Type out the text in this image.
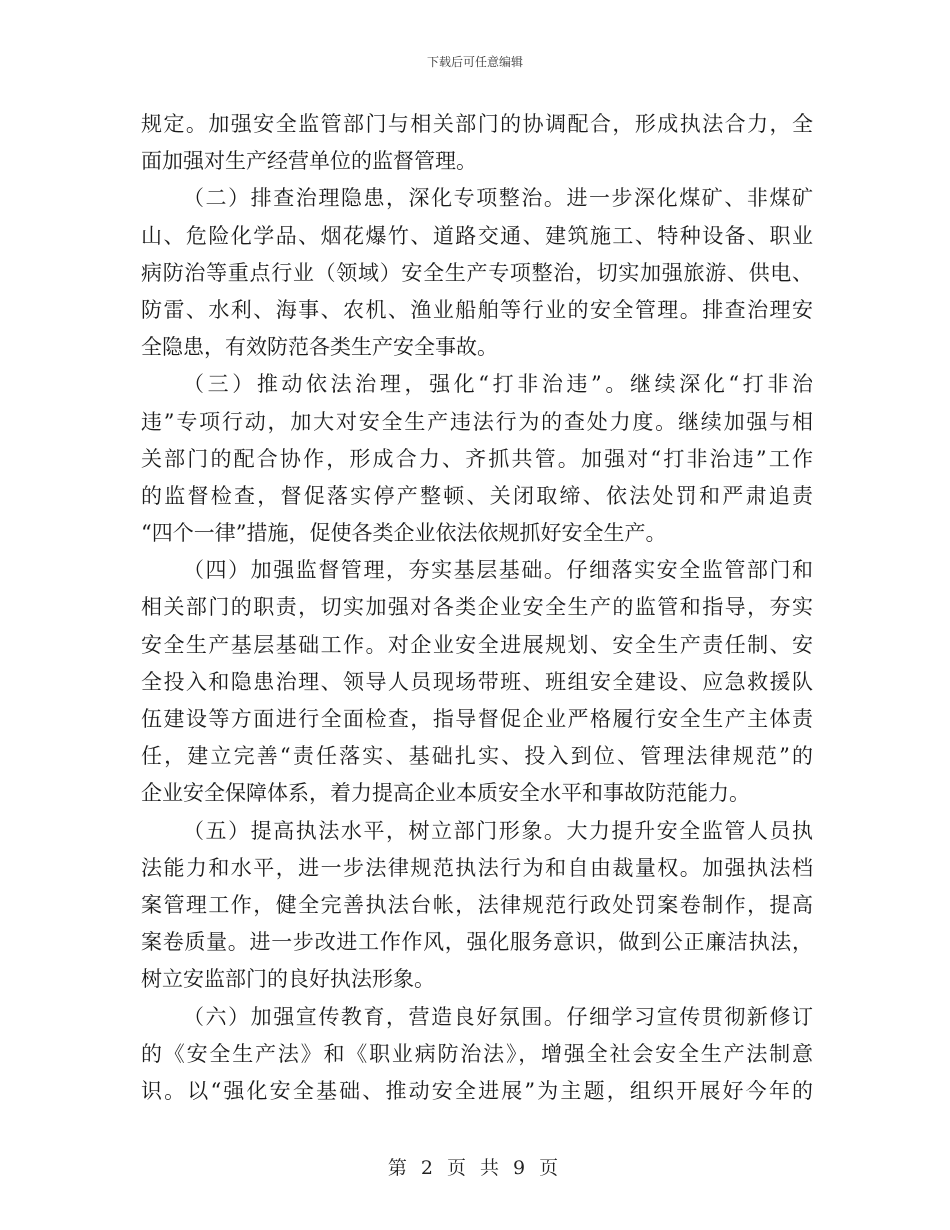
下载后可任意编辑
规定。加强安全监管部门与相关部门的协调配合，形成执法合力，全
面加强对生产经营单位的监督管理。
（二）排查治理隐患，深化专项整治。进一步深化煤矿、非煤矿
山、危险化学品、烟花爆竹、道路交通、建筑施工、特种设备、职业
病防治等重点行业（领域）安全生产专项整治，切实加强旅游、供电、
防雷、水利、海事、农机、渔业船舶等行业的安全管理。排查治理安
全隐患，有效防范各类生产安全事故。
（三）推动依法治理，强化“打非治违”。继续深化“打非治
违”专项行动，加大对安全生产违法行为的查处力度。继续加强与相
关部门的配合协作，形成合力、齐抓共管。加强对“打非治违”工作
的监督检查，督促落实停产整顿、关闭取缔、依法处罚和严肃追责
“四个一律”措施，促使各类企业依法依规抓好安全生产。
（四）加强监督管理，夯实基层基础。仔细落实安全监管部门和
相关部门的职责，切实加强对各类企业安全生产的监管和指导，夯实
安全生产基层基础工作。对企业安全进展规划、安全生产责任制、安
全投入和隐患治理、领导人员现场带班、班组安全建设、应急救援队
伍建设等方面进行全面检查，指导督促企业严格履行安全生产主体责
任，建立完善“责任落实、基础扎实、投入到位、管理法律规范”的
企业安全保障体系，着力提高企业本质安全水平和事故防范能力。
（五）提高执法水平，树立部门形象。大力提升安全监管人员执
法能力和水平，进一步法律规范执法行为和自由裁量权。加强执法档
案管理工作，健全完善执法台帐，法律规范行政处罚案卷制作，提高
案卷质量。进一步改进工作作风，强化服务意识，做到公正廉洁执法，
树立安监部门的良好执法形象。
（六）加强宣传教育，营造良好氛围。仔细学习宣传贯彻新修订
的《安全生产法》和《职业病防治法》，增强全社会安全生产法制意
识。以“强化安全基础、推动安全进展”为主题，组织开展好今年的
第 2 页 共 9 页
